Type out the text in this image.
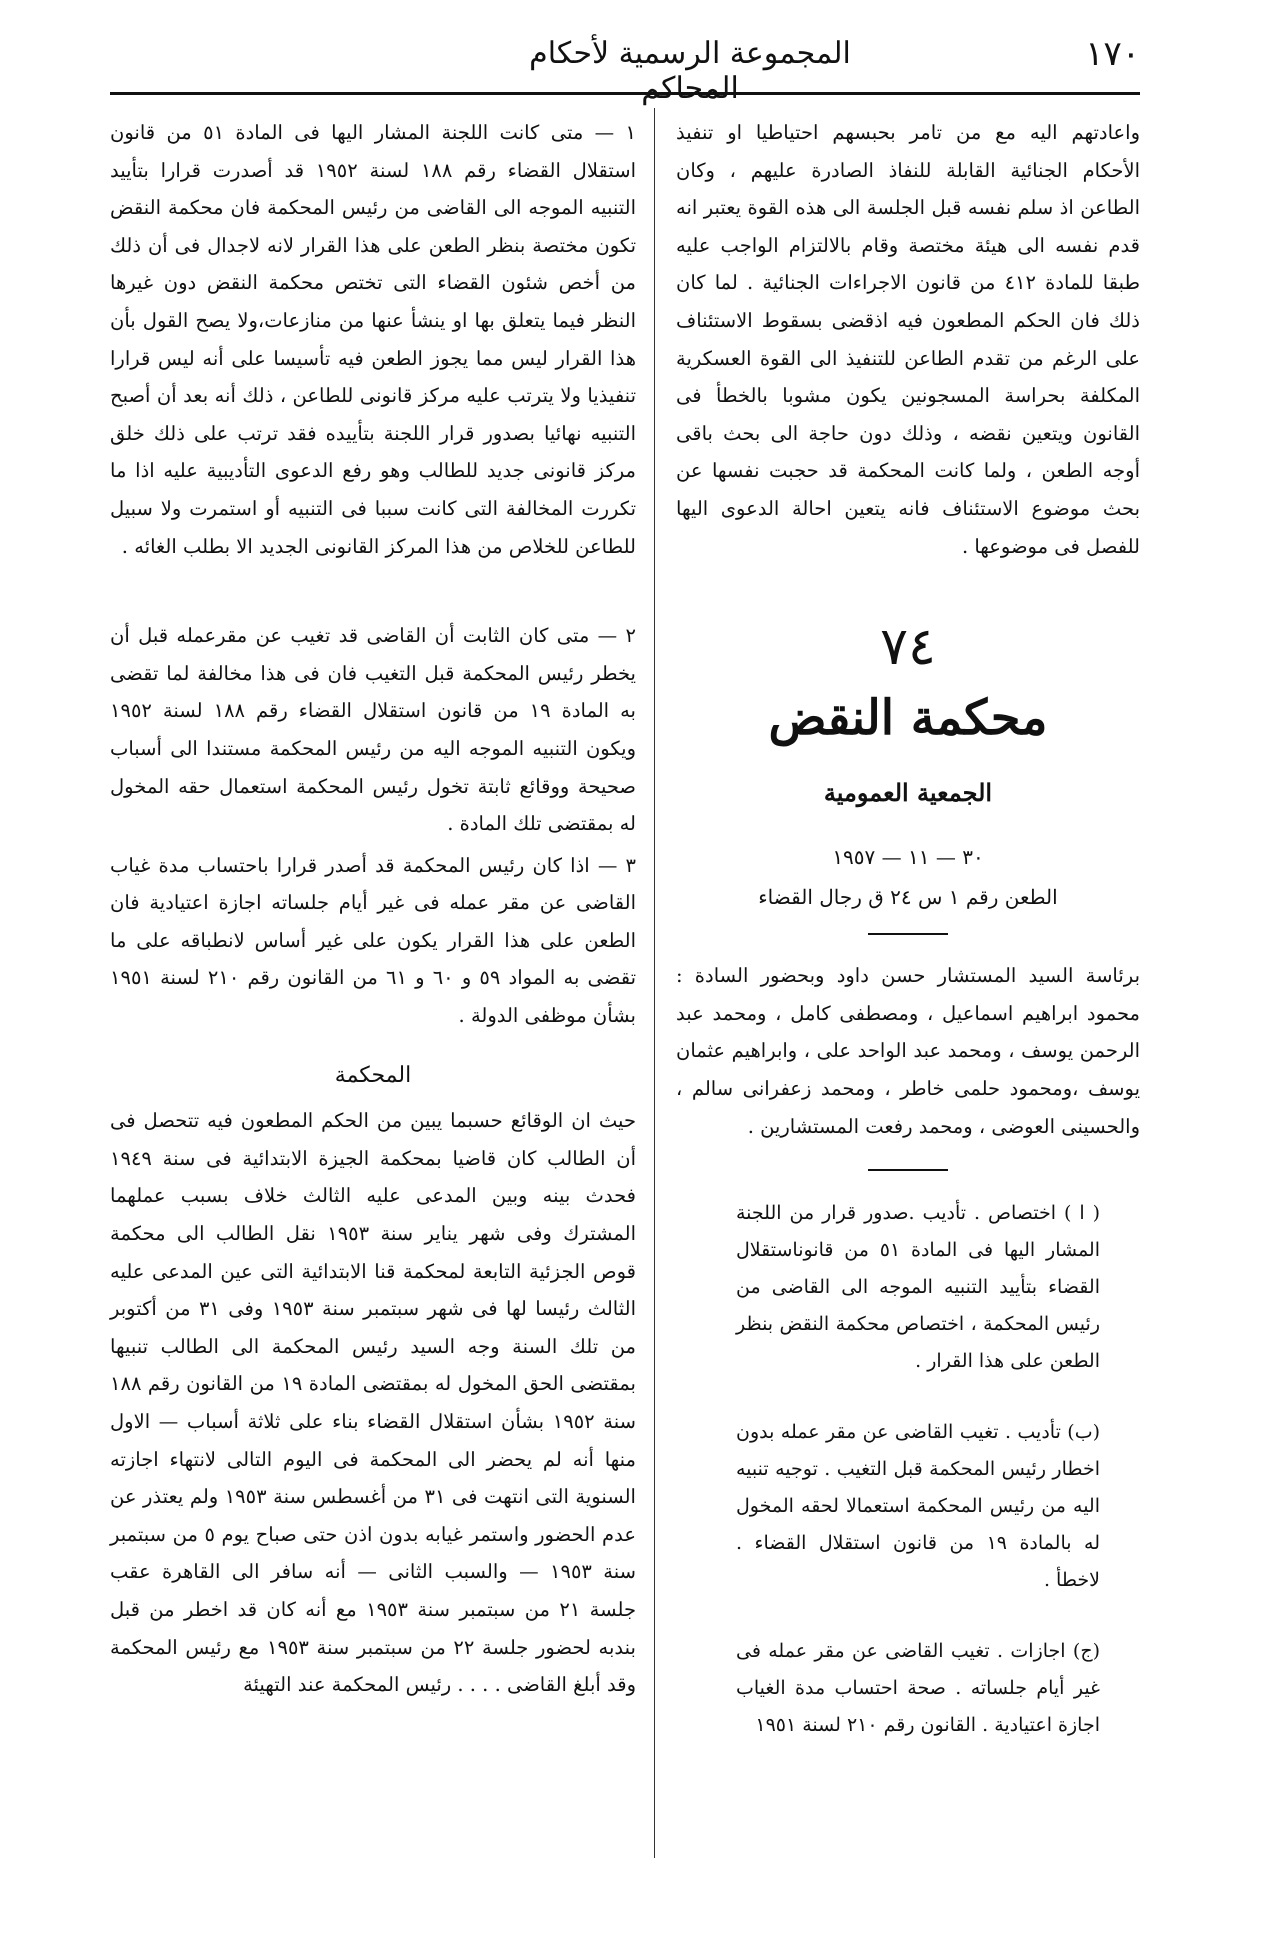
١٧٠
المجموعة الرسمية لأحكام المحاكم

واعادتهم اليه مع من تامر بحبسهم احتياطيا او تنفيذ الأحكام الجنائية القابلة للنفاذ الصادرة عليهم ، وكان الطاعن اذ سلم نفسه قبل الجلسة الى هذه القوة يعتبر انه قدم نفسه الى هيئة مختصة وقام بالالتزام الواجب عليه طبقا للمادة ٤١٢ من قانون الاجراءات الجنائية . لما كان ذلك فان الحكم المطعون فيه اذقضى بسقوط الاستئناف على الرغم من تقدم الطاعن للتنفيذ الى القوة العسكرية المكلفة بحراسة المسجونين يكون مشوبا بالخطأ فى القانون ويتعين نقضه ، وذلك دون حاجة الى بحث باقى أوجه الطعن ، ولما كانت المحكمة قد حجبت نفسها عن بحث موضوع الاستئناف فانه يتعين احالة الدعوى اليها للفصل فى موضوعها .

٧٤
محكمة النقض
الجمعية العمومية
٣٠ — ١١ — ١٩٥٧
الطعن رقم ١ س ٢٤ ق رجال القضاء

برئاسة السيد المستشار حسن داود وبحضور السادة : محمود ابراهيم اسماعيل ، ومصطفى كامل ، ومحمد عبد الرحمن يوسف ، ومحمد عبد الواحد على ، وابراهيم عثمان يوسف ،ومحمود حلمى خاطر ، ومحمد زعفرانى سالم ، والحسينى العوضى ، ومحمد رفعت المستشارين .

( ا ) اختصاص . تأديب .صدور قرار من اللجنة المشار اليها فى المادة ٥١ من قانوناستقلال القضاء بتأييد التنبيه الموجه الى القاضى من رئيس المحكمة ، اختصاص محكمة النقض بنظر الطعن على هذا القرار .

(ب) تأديب . تغيب القاضى عن مقر عمله بدون اخطار رئيس المحكمة قبل التغيب . توجيه تنبيه اليه من رئيس المحكمة استعمالا لحقه المخول له بالمادة ١٩ من قانون استقلال القضاء . لاخطأ .

(ج) اجازات . تغيب القاضى عن مقر عمله فى غير أيام جلساته . صحة احتساب مدة الغياب اجازة اعتيادية . القانون رقم ٢١٠ لسنة ١٩٥١

١ — متى كانت اللجنة المشار اليها فى المادة ٥١ من قانون استقلال القضاء رقم ١٨٨ لسنة ١٩٥٢ قد أصدرت قرارا بتأييد التنبيه الموجه الى القاضى من رئيس المحكمة فان محكمة النقض تكون مختصة بنظر الطعن على هذا القرار لانه لاجدال فى أن ذلك من أخص شئون القضاء التى تختص محكمة النقض دون غيرها النظر فيما يتعلق بها او ينشأ عنها من منازعات،ولا يصح القول بأن هذا القرار ليس مما يجوز الطعن فيه تأسيسا على أنه ليس قرارا تنفيذيا ولا يترتب عليه مركز قانونى للطاعن ، ذلك أنه بعد أن أصبح التنبيه نهائيا بصدور قرار اللجنة بتأييده فقد ترتب على ذلك خلق مركز قانونى جديد للطالب وهو رفع الدعوى التأديبية عليه اذا ما تكررت المخالفة التى كانت سببا فى التنبيه أو استمرت ولا سبيل للطاعن للخلاص من هذا المركز القانونى الجديد الا بطلب الغائه .

٢ — متى كان الثابت أن القاضى قد تغيب عن مقرعمله قبل أن يخطر رئيس المحكمة قبل التغيب فان فى هذا مخالفة لما تقضى به المادة ١٩ من قانون استقلال القضاء رقم ١٨٨ لسنة ١٩٥٢ ويكون التنبيه الموجه اليه من رئيس المحكمة مستندا الى أسباب صحيحة ووقائع ثابتة تخول رئيس المحكمة استعمال حقه المخول له بمقتضى تلك المادة .

٣ — اذا كان رئيس المحكمة قد أصدر قرارا باحتساب مدة غياب القاضى عن مقر عمله فى غير أيام جلساته اجازة اعتيادية فان الطعن على هذا القرار يكون على غير أساس لانطباقه على ما تقضى به المواد ٥٩ و ٦٠ و ٦١ من القانون رقم ٢١٠ لسنة ١٩٥١ بشأن موظفى الدولة .

المحكمة

حيث ان الوقائع حسبما يبين من الحكم المطعون فيه تتحصل فى أن الطالب كان قاضيا بمحكمة الجيزة الابتدائية فى سنة ١٩٤٩ فحدث بينه وبين المدعى عليه الثالث خلاف بسبب عملهما المشترك وفى شهر يناير سنة ١٩٥٣ نقل الطالب الى محكمة قوص الجزئية التابعة لمحكمة قنا الابتدائية التى عين المدعى عليه الثالث رئيسا لها فى شهر سبتمبر سنة ١٩٥٣ وفى ٣١ من أكتوبر من تلك السنة وجه السيد رئيس المحكمة الى الطالب تنبيها بمقتضى الحق المخول له بمقتضى المادة ١٩ من القانون رقم ١٨٨ سنة ١٩٥٢ بشأن استقلال القضاء بناء على ثلاثة أسباب — الاول منها أنه لم يحضر الى المحكمة فى اليوم التالى لانتهاء اجازته السنوية التى انتهت فى ٣١ من أغسطس سنة ١٩٥٣ ولم يعتذر عن عدم الحضور واستمر غيابه بدون اذن حتى صباح يوم ٥ من سبتمبر سنة ١٩٥٣ — والسبب الثانى — أنه سافر الى القاهرة عقب جلسة ٢١ من سبتمبر سنة ١٩٥٣ مع أنه كان قد اخطر من قبل بندبه لحضور جلسة ٢٢ من سبتمبر سنة ١٩٥٣ مع رئيس المحكمة وقد أبلغ القاضى . . . . رئيس المحكمة عند التهيئة
